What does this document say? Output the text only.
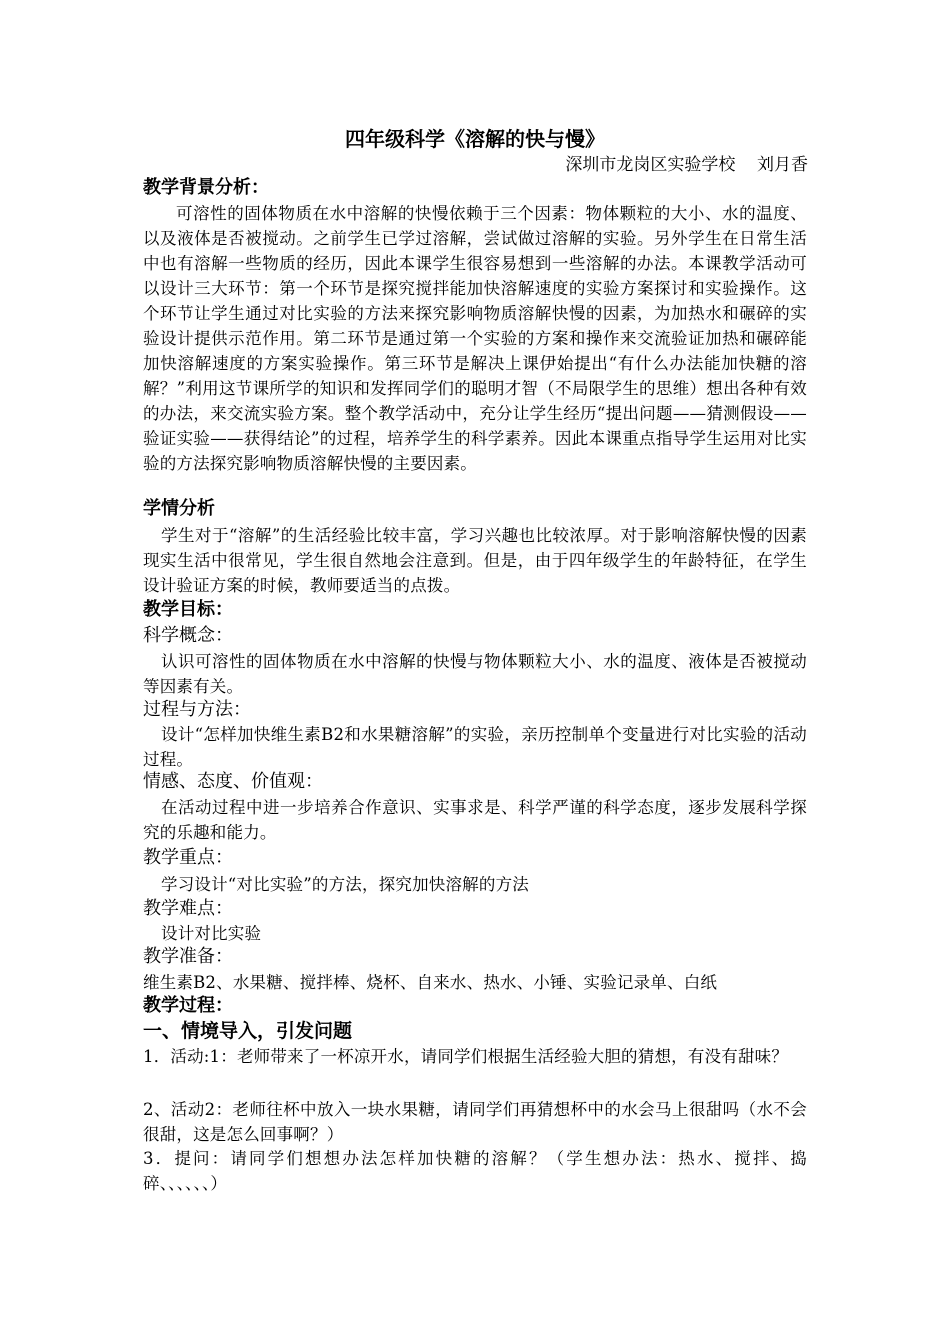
四年级科学《溶解的快与慢》
深圳市龙岗区实验学校    刘月香
教学背景分析：
可溶性的固体物质在水中溶解的快慢依赖于三个因素：物体颗粒的大小、水的温度、以及液体是否被搅动。之前学生已学过溶解，尝试做过溶解的实验。另外学生在日常生活中也有溶解一些物质的经历，因此本课学生很容易想到一些溶解的办法。本课教学活动可以设计三大环节：第一个环节是探究搅拌能加快溶解速度的实验方案探讨和实验操作。这个环节让学生通过对比实验的方法来探究影响物质溶解快慢的因素，为加热水和碾碎的实验设计提供示范作用。第二环节是通过第一个实验的方案和操作来交流验证加热和碾碎能加快溶解速度的方案实验操作。第三环节是解决上课伊始提出“有什么办法能加快糖的溶解？”利用这节课所学的知识和发挥同学们的聪明才智（不局限学生的思维）想出各种有效的办法，来交流实验方案。整个教学活动中，充分让学生经历“提出问题——猜测假设——验证实验——获得结论”的过程，培养学生的科学素养。因此本课重点指导学生运用对比实验的方法探究影响物质溶解快慢的主要因素。
学情分析
学生对于“溶解”的生活经验比较丰富，学习兴趣也比较浓厚。对于影响溶解快慢的因素现实生活中很常见，学生很自然地会注意到。但是，由于四年级学生的年龄特征，在学生设计验证方案的时候，教师要适当的点拨。
教学目标：
科学概念：
认识可溶性的固体物质在水中溶解的快慢与物体颗粒大小、水的温度、液体是否被搅动等因素有关。
过程与方法：
设计“怎样加快维生素B2和水果糖溶解”的实验，亲历控制单个变量进行对比实验的活动过程。
情感、态度、价值观：
在活动过程中进一步培养合作意识、实事求是、科学严谨的科学态度，逐步发展科学探究的乐趣和能力。
教学重点：
学习设计“对比实验”的方法，探究加快溶解的方法
教学难点：
设计对比实验
教学准备：
维生素B2、水果糖、搅拌棒、烧杯、自来水、热水、小锤、实验记录单、白纸
教学过程：
一、情境导入，引发问题
1．活动:1：老师带来了一杯凉开水，请同学们根据生活经验大胆的猜想，有没有甜味？
2、活动2：老师往杯中放入一块水果糖，请同学们再猜想杯中的水会马上很甜吗（水不会很甜，这是怎么回事啊？）
3．提问：请同学们想想办法怎样加快糖的溶解？（学生想办法：热水、搅拌、捣碎、、、、、、）
